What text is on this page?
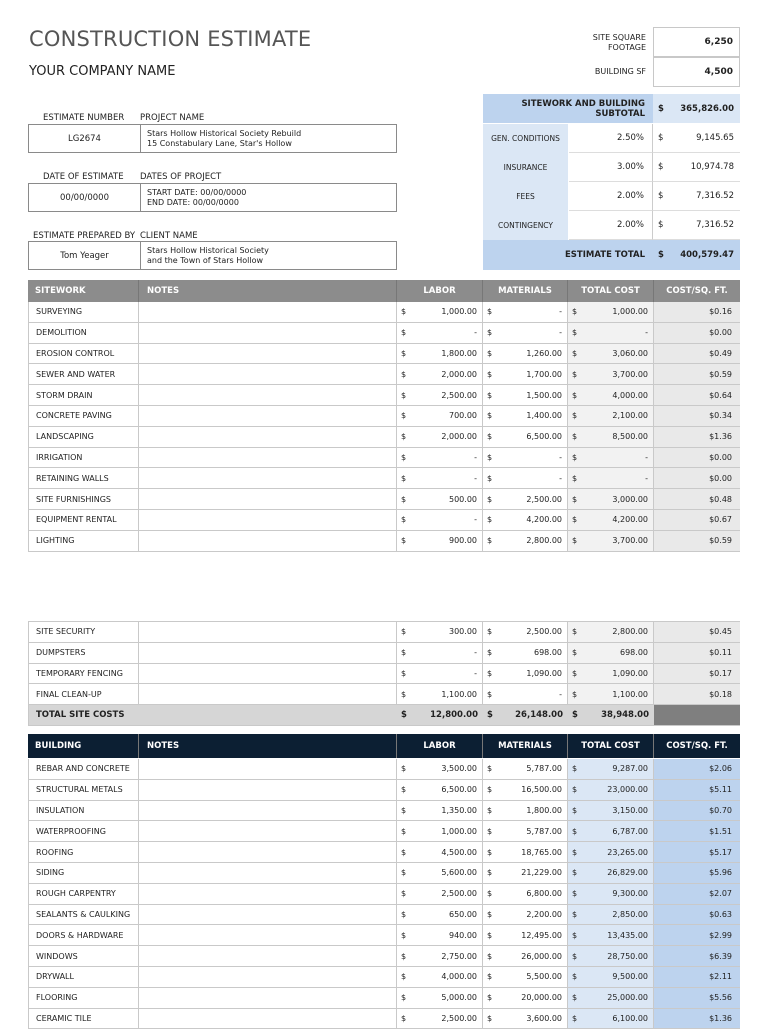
CONSTRUCTION ESTIMATE
YOUR COMPANY NAME
SITE SQUARE
FOOTAGE
6,250
BUILDING SF	4,500
ESTIMATE NUMBER PROJECT NAME
LG2674
Stars Hollow Historical Society Rebuild
15 Constabulary Lane, Star's Hollow
DATE OF ESTIMATE DATES OF PROJECT
00/00/0000
START DATE: 00/00/0000
END DATE: 00/00/0000
ESTIMATE PREPARED BY CLIENT NAME
Tom Yeager
Stars Hollow Historical Society
and the Town of Stars Hollow
SITEWORK AND BUILDING
SUBTOTAL $ 365,826.00
GEN. CONDITIONS	2.50%	$	9,145.65
INSURANCE	3.00%	$	10,974.78
FEES	2.00%	$	7,316.52
CONTINGENCY	2.00%	$	7,316.52
ESTIMATE TOTAL	$ 400,579.47
SITEWORK	NOTES	LABOR	MATERIALS	TOTAL COST	COST/SQ. FT.
SURVEYING	$	1,000.00 $	- $	1,000.00	$0.16
DEMOLITION	$	- $	- $	-	$0.00
EROSION CONTROL	$	1,800.00 $	1,260.00 $	3,060.00	$0.49
SEWER AND WATER	$	2,000.00 $	1,700.00 $	3,700.00	$0.59
STORM DRAIN	$	2,500.00 $	1,500.00 $	4,000.00	$0.64
CONCRETE PAVING	$	700.00 $	1,400.00 $	2,100.00	$0.34
LANDSCAPING	$	2,000.00 $	6,500.00 $	8,500.00	$1.36
IRRIGATION	$	- $	- $	-	$0.00
RETAINING WALLS	$	- $	- $	-	$0.00
SITE FURNISHINGS	$	500.00 $	2,500.00 $	3,000.00	$0.48
EQUIPMENT RENTAL	$	- $	4,200.00 $	4,200.00	$0.67
LIGHTING	$	900.00 $	2,800.00 $	3,700.00	$0.59
SITE SECURITY	$	300.00 $	2,500.00 $	2,800.00	$0.45
DUMPSTERS	$	- $	698.00 $	698.00	$0.11
TEMPORARY FENCING	$	- $	1,090.00 $	1,090.00	$0.17
FINAL CLEAN-UP	$	1,100.00 $	- $	1,100.00	$0.18
TOTAL SITE COSTS	$	12,800.00 $	26,148.00 $	38,948.00
BUILDING	NOTES	LABOR	MATERIALS	TOTAL COST	COST/SQ. FT.
REBAR AND CONCRETE	$	3,500.00 $	5,787.00 $	9,287.00	$2.06
STRUCTURAL METALS	$	6,500.00 $	16,500.00 $	23,000.00	$5.11
INSULATION	$	1,350.00 $	1,800.00 $	3,150.00	$0.70
WATERPROOFING	$	1,000.00 $	5,787.00 $	6,787.00	$1.51
ROOFING	$	4,500.00 $	18,765.00 $	23,265.00	$5.17
SIDING	$	5,600.00 $	21,229.00 $	26,829.00	$5.96
ROUGH CARPENTRY	$	2,500.00 $	6,800.00 $	9,300.00	$2.07
SEALANTS & CAULKING	$	650.00 $	2,200.00 $	2,850.00	$0.63
DOORS & HARDWARE	$	940.00 $	12,495.00 $	13,435.00	$2.99
WINDOWS	$	2,750.00 $	26,000.00 $	28,750.00	$6.39
DRYWALL	$	4,000.00 $	5,500.00 $	9,500.00	$2.11
FLOORING	$	5,000.00 $	20,000.00 $	25,000.00	$5.56
CERAMIC TILE	$	2,500.00 $	3,600.00 $	6,100.00	$1.36
